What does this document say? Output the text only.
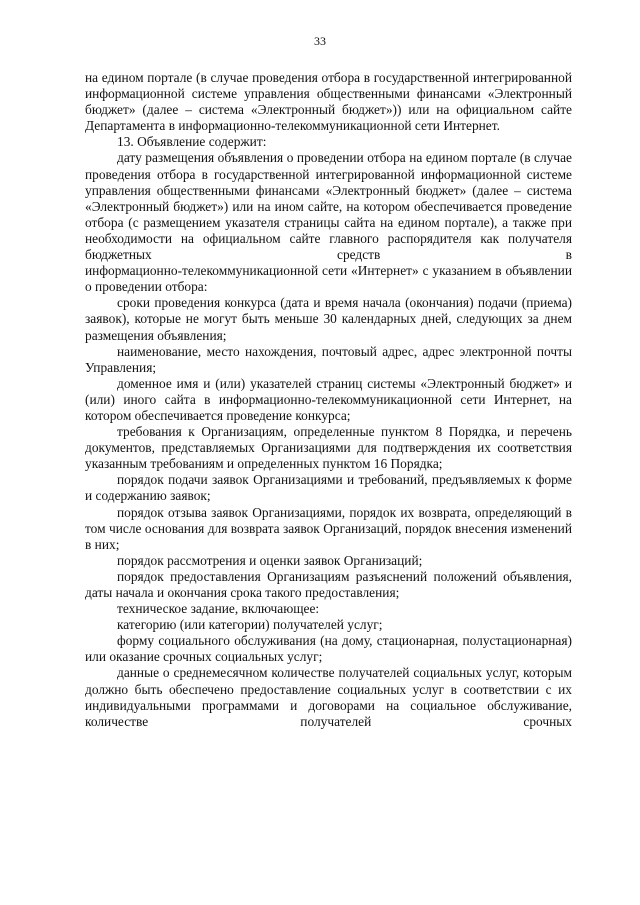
33

на едином портале (в случае проведения отбора в государственной интегрированной информационной системе управления общественными финансами «Электронный бюджет» (далее – система «Электронный бюджет»)) или на официальном сайте Департамента в информационно-телекоммуникационной сети Интернет.

13. Объявление содержит:

дату размещения объявления о проведении отбора на едином портале (в случае проведения отбора в государственной интегрированной информационной системе управления общественными финансами «Электронный бюджет» (далее – система «Электронный бюджет») или на ином сайте, на котором обеспечивается проведение отбора (с размещением указателя страницы сайта на едином портале), а также при необходимости на официальном сайте главного распорядителя как получателя бюджетных средств в

информационно-телекоммуникационной сети «Интернет» с указанием в объявлении о проведении отбора:

сроки проведения конкурса (дата и время начала (окончания) подачи (приема) заявок), которые не могут быть меньше 30 календарных дней, следующих за днем размещения объявления;

наименование, место нахождения, почтовый адрес, адрес электронной почты Управления;

доменное имя и (или) указателей страниц системы «Электронный бюджет» и (или) иного сайта в информационно-телекоммуникационной сети Интернет, на котором обеспечивается проведение конкурса;

требования к Организациям, определенные пунктом 8 Порядка, и перечень документов, представляемых Организациями для подтверждения их соответствия указанным требованиям и определенных пунктом 16 Порядка;

порядок подачи заявок Организациями и требований, предъявляемых к форме и содержанию заявок;

порядок отзыва заявок Организациями, порядок их возврата, определяющий в том числе основания для возврата заявок Организаций, порядок внесения изменений в них;

порядок рассмотрения и оценки заявок Организаций;

порядок предоставления Организациям разъяснений положений объявления, даты начала и окончания срока такого предоставления;

техническое задание, включающее:

категорию (или категории) получателей услуг;

форму социального обслуживания (на дому, стационарная, полустационарная) или оказание срочных социальных услуг;

данные о среднемесячном количестве получателей социальных услуг, которым должно быть обеспечено предоставление социальных услуг в соответствии с их индивидуальными программами и договорами на социальное обслуживание, количестве получателей срочных
